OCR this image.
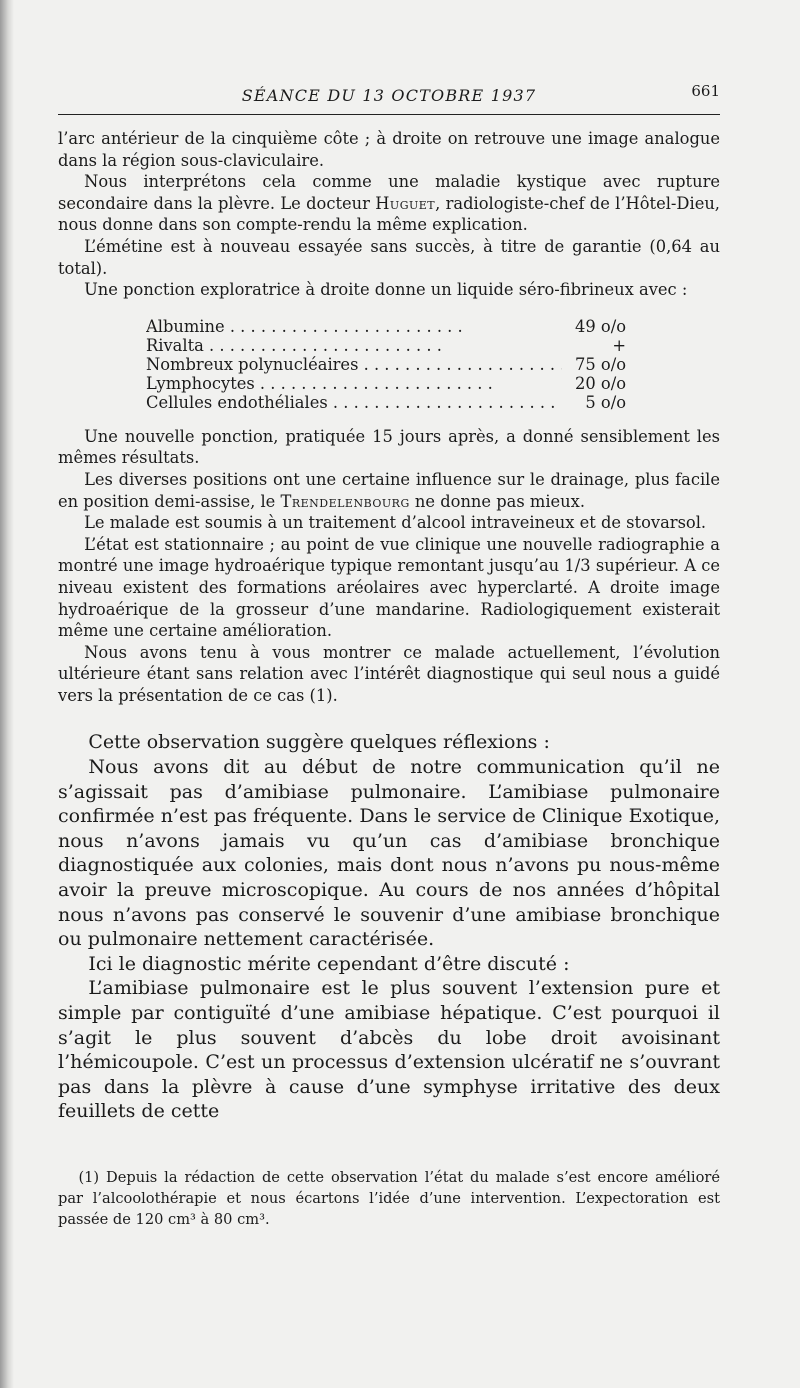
SÉANCE DU 13 OCTOBRE 1937	661

l’arc antérieur de la cinquième côte ; à droite on retrouve une image analogue dans la région sous-claviculaire.

Nous interprétons cela comme une maladie kystique avec rupture secondaire dans la plèvre. Le docteur Huguet, radiologiste-chef de l’Hôtel-Dieu, nous donne dans son compte-rendu la même explication.

L’émétine est à nouveau essayée sans succès, à titre de garantie (0,64 au total).

Une ponction exploratrice à droite donne un liquide séro-fibrineux avec :

Albumine . . .	49 o/o
Rivalta . . .	+
Nombreux polynucléaires . . .	75 o/o
Lymphocytes . . .	20 o/o
Cellules endothéliales . . .	5 o/o

Une nouvelle ponction, pratiquée 15 jours après, a donné sensiblement les mêmes résultats.

Les diverses positions ont une certaine influence sur le drainage, plus facile en position demi-assise, le Trendelenbourg ne donne pas mieux.

Le malade est soumis à un traitement d’alcool intraveineux et de stovarsol.

L’état est stationnaire ; au point de vue clinique une nouvelle radiographie a montré une image hydroaérique typique remontant jusqu’au 1/3 supérieur. A ce niveau existent des formations aréolaires avec hyperclarté. A droite image hydroaérique de la grosseur d’une mandarine. Radiologiquement existerait même une certaine amélioration.

Nous avons tenu à vous montrer ce malade actuellement, l’évolution ultérieure étant sans relation avec l’intérêt diagnostique qui seul nous a guidé vers la présentation de ce cas (1).

Cette observation suggère quelques réflexions :

Nous avons dit au début de notre communication qu’il ne s’agissait pas d’amibiase pulmonaire. L’amibiase pulmonaire confirmée n’est pas fréquente. Dans le service de Clinique Exotique, nous n’avons jamais vu qu’un cas d’amibiase bronchique diagnostiquée aux colonies, mais dont nous n’avons pu nous-même avoir la preuve microscopique. Au cours de nos années d’hôpital nous n’avons pas conservé le souvenir d’une amibiase bronchique ou pulmonaire nettement caractérisée.

Ici le diagnostic mérite cependant d’être discuté :

L’amibiase pulmonaire est le plus souvent l’extension pure et simple par contiguïté d’une amibiase hépatique. C’est pourquoi il s’agit le plus souvent d’abcès du lobe droit avoisinant l’hémicoupole. C’est un processus d’extension ulcératif ne s’ouvrant pas dans la plèvre à cause d’une symphyse irritative des deux feuillets de cette

(1) Depuis la rédaction de cette observation l’état du malade s’est encore amélioré par l’alcoolothérapie et nous écartons l’idée d’une intervention. L’expectoration est passée de 120 cm³ à 80 cm³.
